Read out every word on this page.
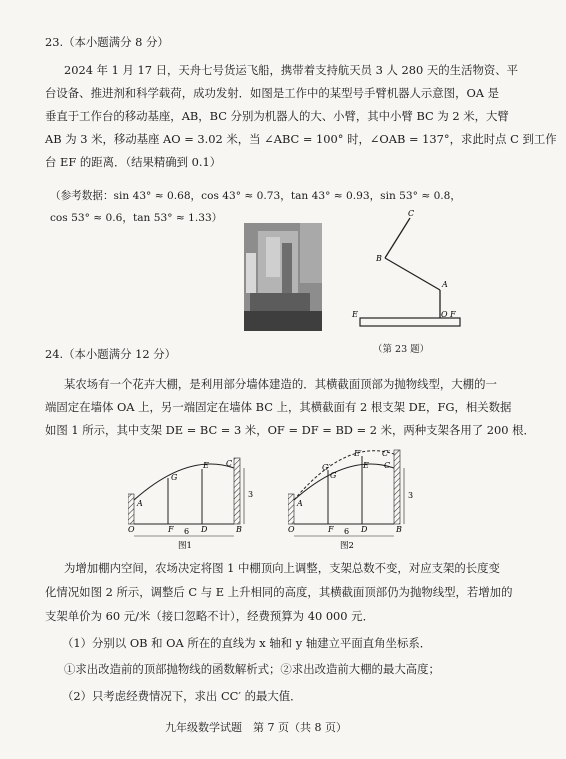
23.（本小题满分 8 分）
2024 年 1 月 17 日，天舟七号货运飞船，携带着支持航天员 3 人 280 天的生活物资、平
台设备、推进剂和科学载荷，成功发射．如图是工作中的某型号手臂机器人示意图，OA 是
垂直于工作台的移动基座，AB，BC 分别为机器人的大、小臂，其中小臂 BC 为 2 米，大臂
AB 为 3 米，移动基座 AO = 3.02 米，当 ∠ABC = 100° 时，∠OAB = 137°，求此时点 C 到工作
台 EF 的距离．（结果精确到 0.1）
（参考数据：sin 43° ≈ 0.68，cos 43° ≈ 0.73，tan 43° ≈ 0.93，sin 53° ≈ 0.8，
cos 53° ≈ 0.6，tan 53° ≈ 1.33）	C
B
A
E	O F
（第 23 题）
24.（本小题满分 12 分）
某农场有一个花卉大棚，是利用部分墙体建造的．其横截面顶部为抛物线型，大棚的一
端固定在墙体 OA 上，另一端固定在墙体 BC 上，其横截面有 2 根支架 DE，FG，相关数据
如图 1 所示，其中支架 DE = BC = 3 米，OF = DF = BD = 2 米，两种支架各用了 200 根．
G
E C
A
O	F	D	B
3
6
图1
G
G′	E
E′	C′
C
A
O	F	D	B
3
6
图2
为增加棚内空间，农场决定将图 1 中棚顶向上调整，支架总数不变，对应支架的长度变
化情况如图 2 所示，调整后 C 与 E 上升相同的高度，其横截面顶部仍为抛物线型，若增加的
支架单价为 60 元/米（接口忽略不计），经费预算为 40 000 元．
（1）分别以 OB 和 OA 所在的直线为 x 轴和 y 轴建立平面直角坐标系．
①求出改造前的顶部抛物线的函数解析式；②求出改造前大棚的最大高度；
（2）只考虑经费情况下，求出 CC′ 的最大值．
九年级数学试题　第 7 页（共 8 页）
